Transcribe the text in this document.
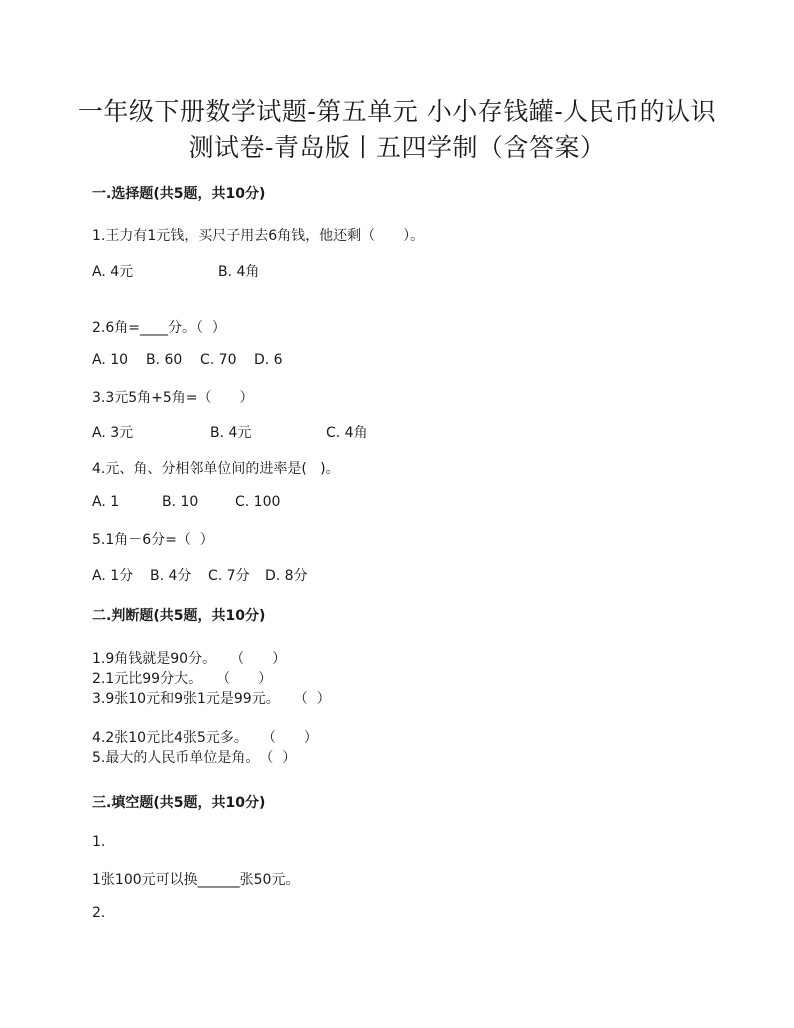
一年级下册数学试题-第五单元 小小存钱罐-人民币的认识
测试卷-青岛版丨五四学制（含答案）
一.选择题(共5题，共10分)
1.王力有1元钱，买尺子用去6角钱，他还剩（　　）。
A. 4元	B. 4角
2.6角=____分。（  ）
A. 10 B. 60 C. 70 D. 6
3.3元5角+5角=（　　）
A. 3元	B. 4元	C. 4角
4.元、角、分相邻单位间的进率是(   )。
A. 1	B. 10	C. 100
5.1角－6分=（  ）
A. 1分 B. 4分 C. 7分 D. 8分
二.判断题(共5题，共10分)
1.9角钱就是90分。　　（　　）
2.1元比99分大。　　（　　）
3.9张10元和9张1元是99元。　　（  ）
4.2张10元比4张5元多。　　（　　）
5.最大的人民币单位是角。　（  ）
三.填空题(共5题，共10分)
1.
1张100元可以换______张50元。
2.
